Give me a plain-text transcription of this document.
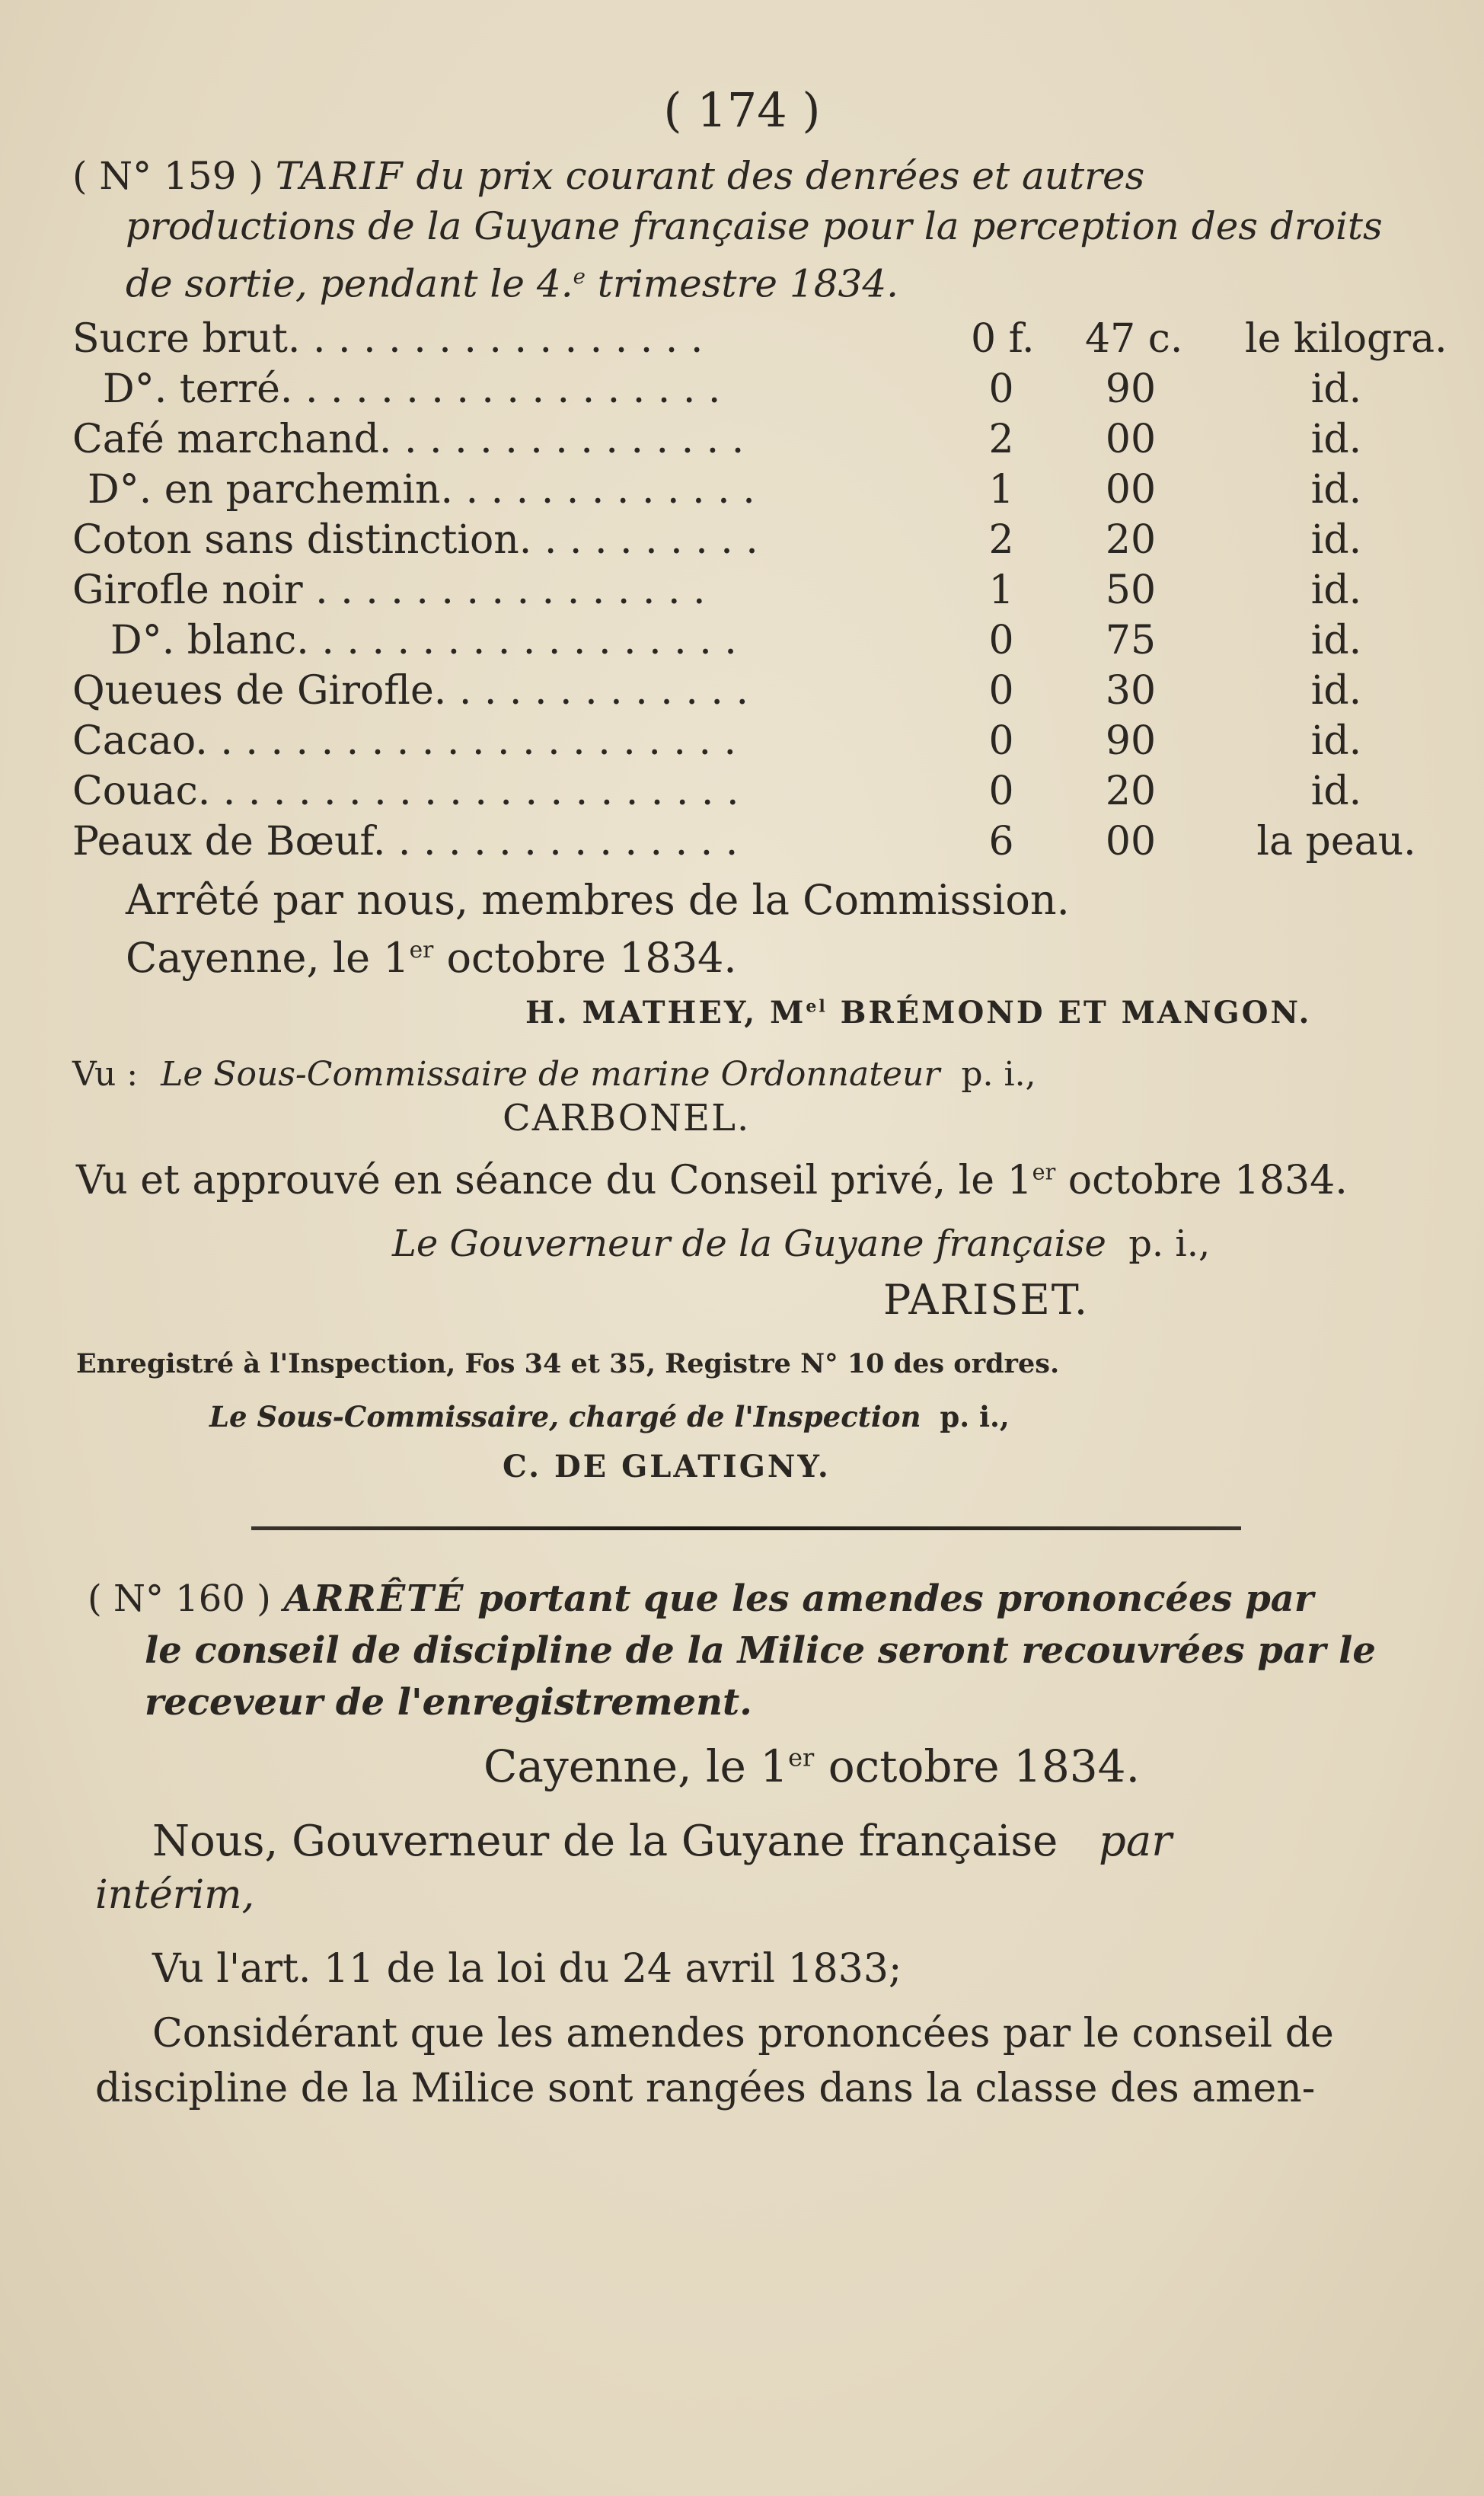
( 174 )
( N° 159 ) TARIF du prix courant des denrées et autres
productions de la Guyane française pour la perception des droits
de sortie, pendant le 4.$^e$ trimestre 1834.
Sucre brut. . . . . . . . . . . . . . . . .	0 f. 47 c. le kilogra.
D°. terré. . . . . . . . . . . . . . . . . .	0	90	id.
Café marchand. . . . . . . . . . . . . . .	2	00	id.
D°. en parchemin. . . . . . . . . . . . .	1	00	id.
Coton sans distinction. . . . . . . . . .	2	20	id.
Girofle noir . . . . . . . . . . . . . . . .	1	50	id.
D°. blanc. . . . . . . . . . . . . . . . . .	0	75	id.
Queues de Girofle. . . . . . . . . . . . .	0	30	id.
Cacao. . . . . . . . . . . . . . . . . . . . . .	0	90	id.
Couac. . . . . . . . . . . . . . . . . . . . . .	0	20	id.
Peaux de Bœuf. . . . . . . . . . . . . . .	6	00	la peau.
Arrêté par nous, membres de la Commission.
Cayenne, le 1er octobre 1834.
H. MATHEY, $M^{el}$ BRÉMOND ET MANGON.
Vu : Le Sous-Commissaire de marine Ordonnateur p. i.,
CARBONEL.
Vu et approuvé en séance du Conseil privé, le 1er octobre 1834.
Le Gouverneur de la Guyane française p. i.,
PARISET.
Enregistré à l'Inspection, Fos 34 et 35, Registre N° 10 des ordres.
Le Sous-Commissaire, chargé de l'Inspection p. i.,
C. DE GLATIGNY.
( N° 160 ) ARRÊTÉ portant que les amendes prononcées par
le conseil de discipline de la Milice seront recouvrées par le
receveur de l'enregistrement.
Cayenne, le 1er octobre 1834.
Nous, Gouverneur de la Guyane française par
intérim,
Vu l'art. 11 de la loi du 24 avril 1833;
Considérant que les amendes prononcées par le conseil de
discipline de la Milice sont rangées dans la classe des amen-
